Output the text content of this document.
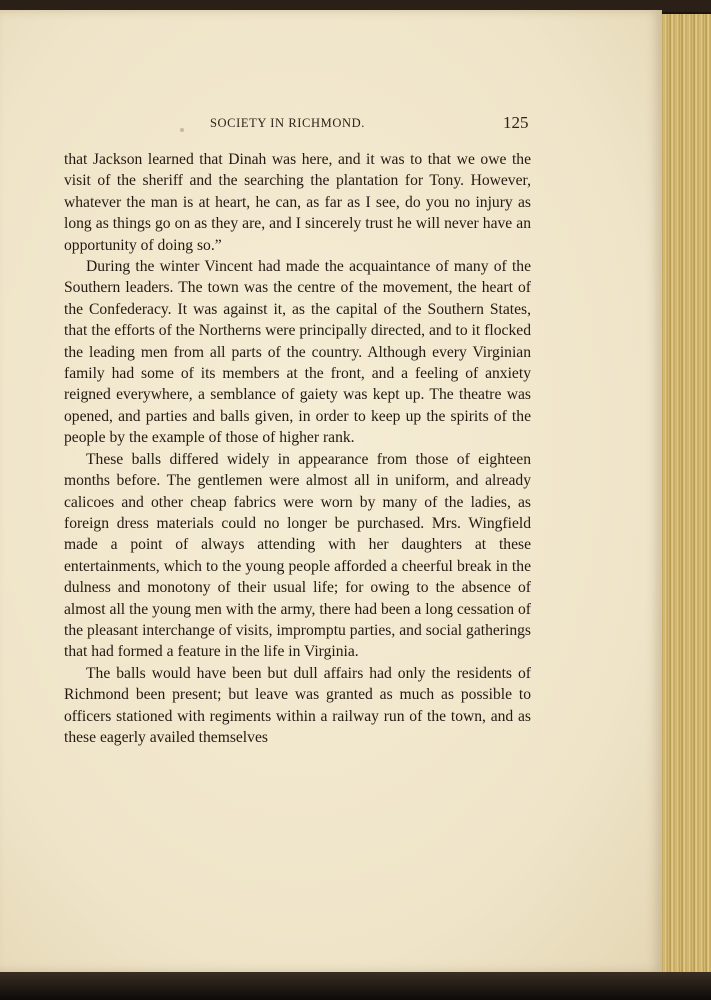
SOCIETY IN RICHMOND.	125

that Jackson learned that Dinah was here, and it was to that we owe the visit of the sheriff and the searching the plantation for Tony. However, whatever the man is at heart, he can, as far as I see, do you no injury as long as things go on as they are, and I sincerely trust he will never have an opportunity of doing so.”

During the winter Vincent had made the acquaintance of many of the Southern leaders. The town was the centre of the movement, the heart of the Confederacy. It was against it, as the capital of the Southern States, that the efforts of the Northerns were principally directed, and to it flocked the leading men from all parts of the country. Although every Virginian family had some of its members at the front, and a feeling of anxiety reigned everywhere, a semblance of gaiety was kept up. The theatre was opened, and parties and balls given, in order to keep up the spirits of the people by the example of those of higher rank.

These balls differed widely in appearance from those of eighteen months before. The gentlemen were almost all in uniform, and already calicoes and other cheap fabrics were worn by many of the ladies, as foreign dress materials could no longer be purchased. Mrs. Wingfield made a point of always attending with her daughters at these entertainments, which to the young people afforded a cheerful break in the dulness and monotony of their usual life; for owing to the absence of almost all the young men with the army, there had been a long cessation of the pleasant interchange of visits, impromptu parties, and social gatherings that had formed a feature in the life in Virginia.

The balls would have been but dull affairs had only the residents of Richmond been present; but leave was granted as much as possible to officers stationed with regiments within a railway run of the town, and as these eagerly availed themselves
